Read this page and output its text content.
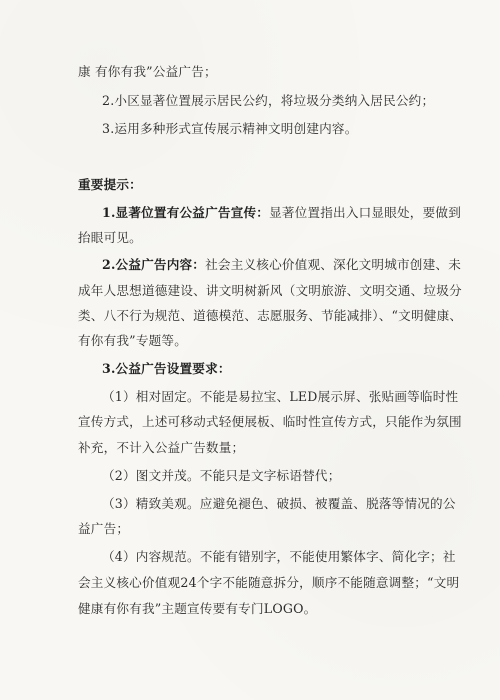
康 有你有我”公益广告；
2.小区显著位置展示居民公约，将垃圾分类纳入居民公约；
3.运用多种形式宣传展示精神文明创建内容。
重要提示：
1.显著位置有公益广告宣传：显著位置指出入口显眼处，要做到
抬眼可见。
2.公益广告内容：社会主义核心价值观、深化文明城市创建、未
成年人思想道德建设、讲文明树新风（文明旅游、文明交通、垃圾分
类、八不行为规范、道德模范、志愿服务、节能减排）、“文明健康、
有你有我”专题等。
3.公益广告设置要求：
（1）相对固定。不能是易拉宝、LED展示屏、张贴画等临时性
宣传方式，上述可移动式轻便展板、临时性宣传方式，只能作为氛围
补充，不计入公益广告数量；
（2）图文并茂。不能只是文字标语替代；
（3）精致美观。应避免褪色、破损、被覆盖、脱落等情况的公
益广告；
（4）内容规范。不能有错别字，不能使用繁体字、简化字；社
会主义核心价值观24个字不能随意拆分，顺序不能随意调整；“文明
健康有你有我”主题宣传要有专门LOGO。
